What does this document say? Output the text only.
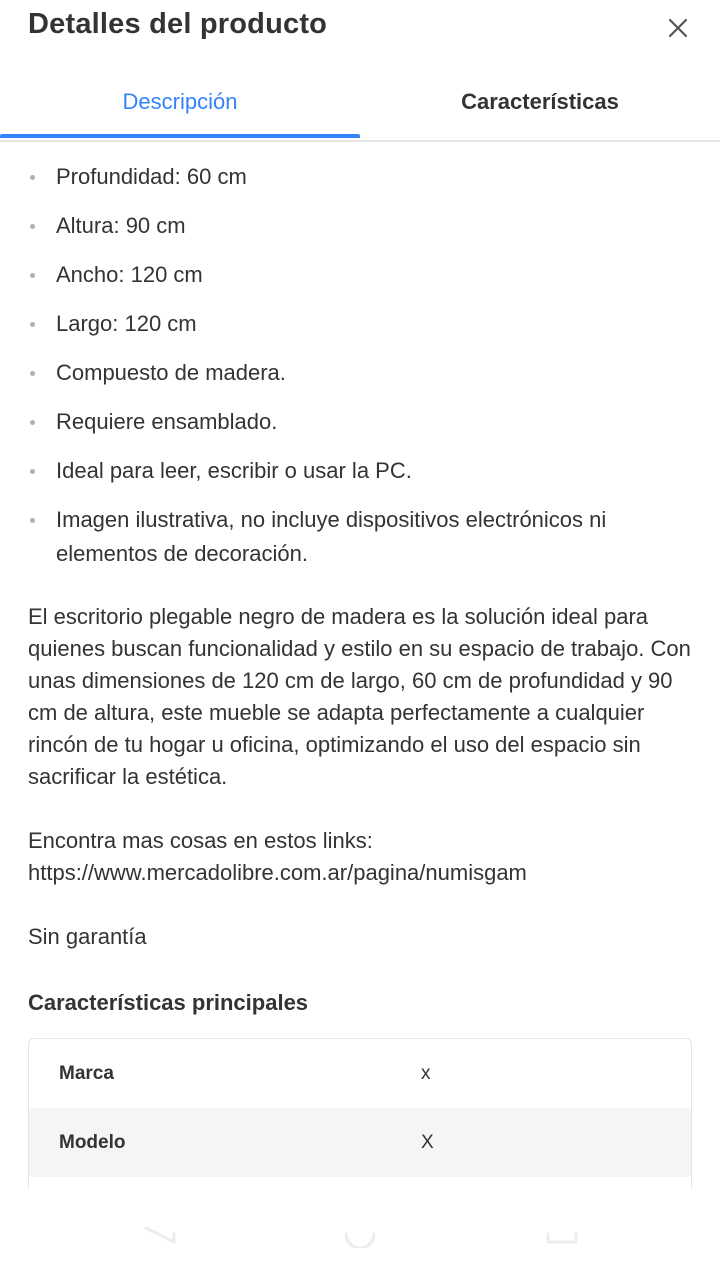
Detalles del producto
Descripción	Características
Profundidad: 60 cm
Altura: 90 cm
Ancho: 120 cm
Largo: 120 cm
Compuesto de madera.
Requiere ensamblado.
Ideal para leer, escribir o usar la PC.
Imagen ilustrativa, no incluye dispositivos electrónicos ni elementos de decoración.

El escritorio plegable negro de madera es la solución ideal para quienes buscan funcionalidad y estilo en su espacio de trabajo. Con unas dimensiones de 120 cm de largo, 60 cm de profundidad y 90 cm de altura, este mueble se adapta perfectamente a cualquier rincón de tu hogar u oficina, optimizando el uso del espacio sin sacrificar la estética.

Encontra mas cosas en estos links:

https://www.mercadolibre.com.ar/pagina/numisgam

Sin garantía

Características principales
Marca	x
Modelo	X
